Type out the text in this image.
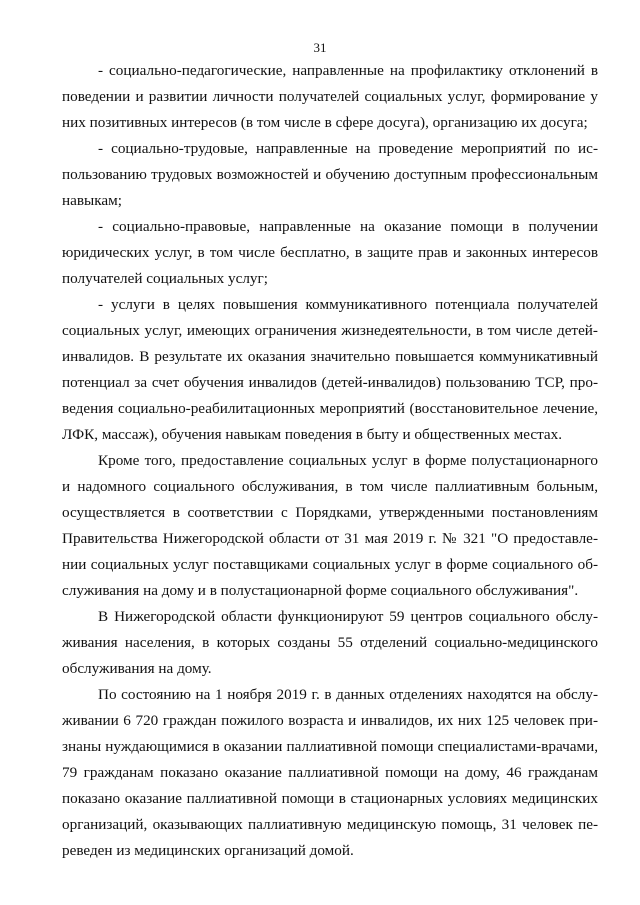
31

- социально-педагогические, направленные на профилактику отклонений в поведении и развитии личности получателей социальных услуг, формирование у них позитивных интересов (в том числе в сфере досуга), организацию их досуга;

- социально-трудовые, направленные на проведение мероприятий по использованию трудовых возможностей и обучению доступным профессиональным навыкам;

- социально-правовые, направленные на оказание помощи в получении юридических услуг, в том числе бесплатно, в защите прав и законных интересов получателей социальных услуг;

- услуги в целях повышения коммуникативного потенциала получателей социальных услуг, имеющих ограничения жизнедеятельности, в том числе детей-инвалидов. В результате их оказания значительно повышается коммуникативный потенциал за счет обучения инвалидов (детей-инвалидов) пользованию ТСР, проведения социально-реабилитационных мероприятий (восстановительное лечение, ЛФК, массаж), обучения навыкам поведения в быту и общественных местах.

Кроме того, предоставление социальных услуг в форме полустационарного и надомного социального обслуживания, в том числе паллиативным больным, осуществляется в соответствии с Порядками, утвержденными постановлениям Правительства Нижегородской области от 31 мая 2019 г. № 321 "О предоставлении социальных услуг поставщиками социальных услуг в форме социального обслуживания на дому и в полустационарной форме социального обслуживания".

В Нижегородской области функционируют 59 центров социального обслуживания населения, в которых созданы 55 отделений социально-медицинского обслуживания на дому.

По состоянию на 1 ноября 2019 г. в данных отделениях находятся на обслуживании 6 720 граждан пожилого возраста и инвалидов, их них 125 человек признаны нуждающимися в оказании паллиативной помощи специалистами-врачами, 79 гражданам показано оказание паллиативной помощи на дому, 46 гражданам показано оказание паллиативной помощи в стационарных условиях медицинских организаций, оказывающих паллиативную медицинскую помощь, 31 человек переведен из медицинских организаций домой.
